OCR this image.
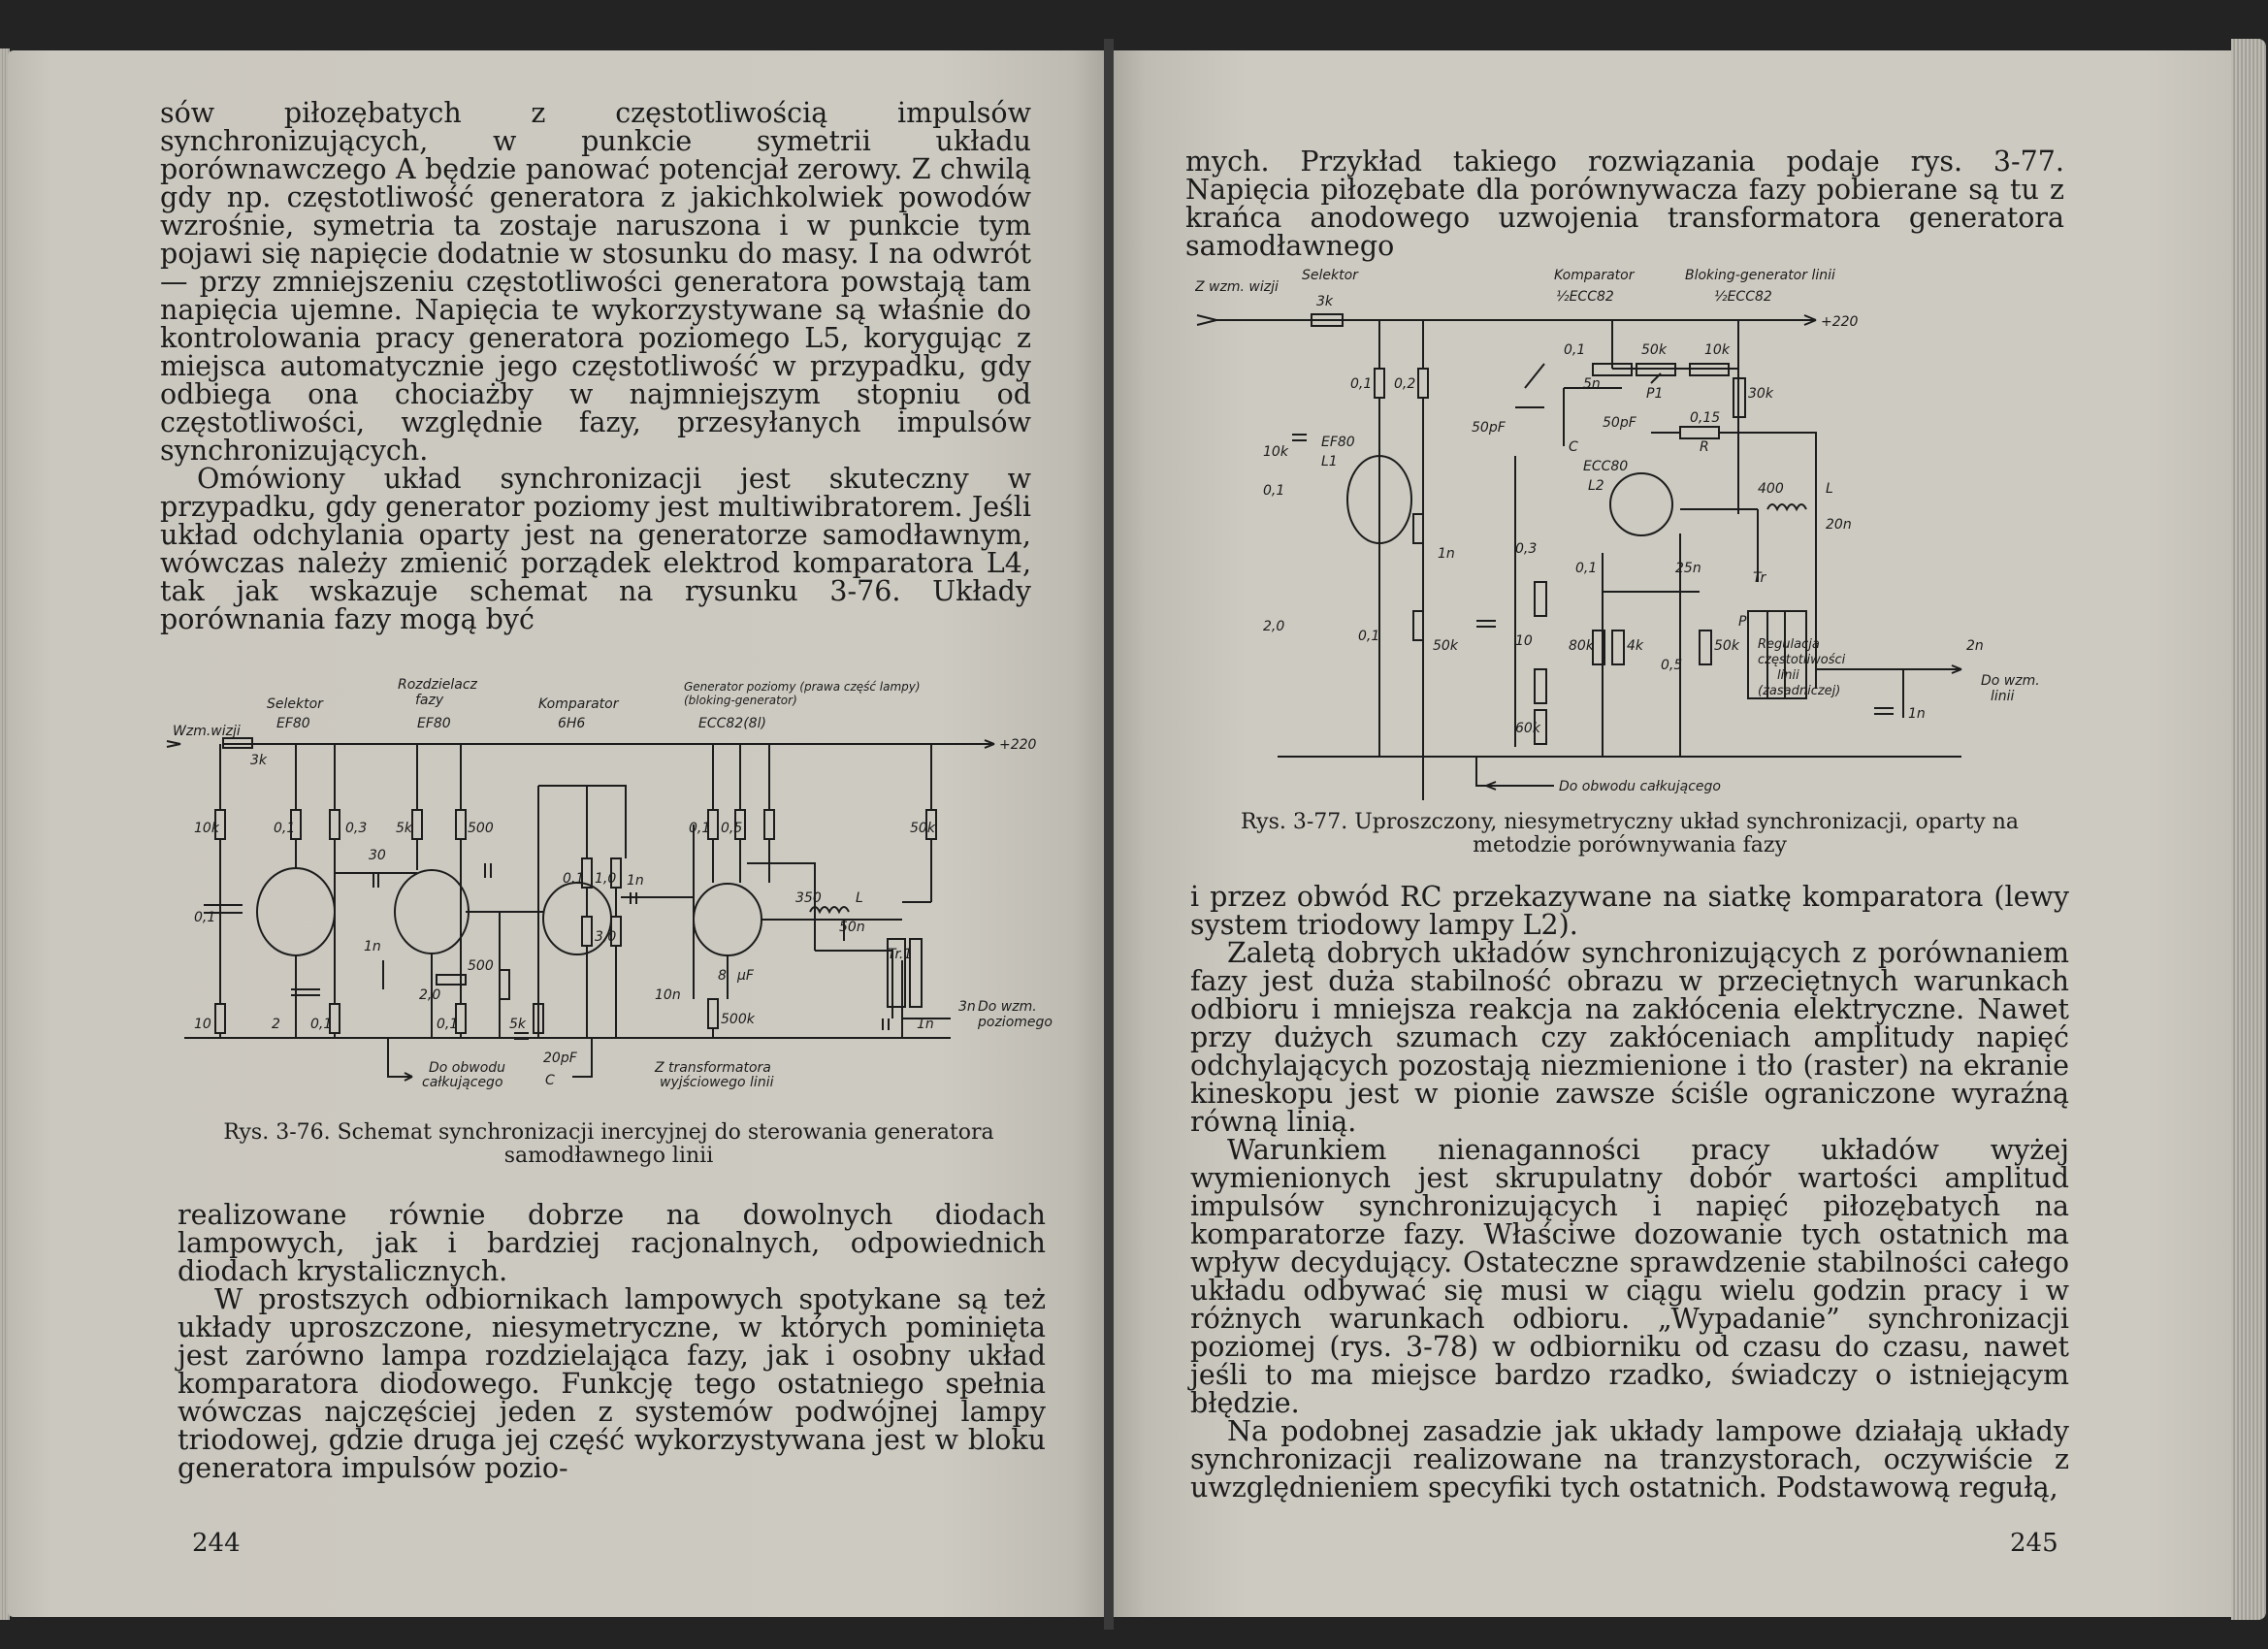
sów piłozębatych z częstotliwością impulsów synchronizujących, w punkcie symetrii układu porównawczego A będzie panować potencjał zerowy. Z chwilą gdy np. częstotliwość generatora z jakichkolwiek powodów wzrośnie, symetria ta zostaje naruszona i w punkcie tym pojawi się napięcie dodatnie w stosunku do masy. I na odwrót — przy zmniejszeniu częstotliwości generatora powstają tam napięcia ujemne. Napięcia te wykorzystywane są właśnie do kontrolowania pracy generatora poziomego L5, korygując z miejsca automatycznie jego częstotliwość w przypadku, gdy odbiega ona chociażby w najmniejszym stopniu od częstotliwości, względnie fazy, przesyłanych impulsów synchronizujących.

Omówiony układ synchronizacji jest skuteczny w przypadku, gdy generator poziomy jest multiwibratorem. Jeśli układ odchylania oparty jest na generatorze samodławnym, wówczas należy zmienić porządek elektrod komparatora L4, tak jak wskazuje schemat na rysunku 3-76. Układy porównania fazy mogą być

Wzm.wizji
Selektor
EF80
Rozdzielacz
fazy
EF80
Komparator
6H6
Generator poziomy (prawa część lampy)
(bloking-generator)
ECC82(8l)
+220
3k
10k	0,1	0,3 5k
30
500
0,1
1n
500
2,0
10	2 0,1	0,1	5k
1,0
0,1	1n
3,0
0,1 0,5	50k
350	L
50n
Tr.1
10n
8 μF
500k
3n
1n
Do wzm.
poziomego
Do obwodu
całkującego
20pF
C
Z transformatora
wyjściowego linii

Rys. 3-76. Schemat synchronizacji inercyjnej do sterowania generatora samodławnego linii

realizowane równie dobrze na dowolnych diodach lampowych, jak i bardziej racjonalnych, odpowiednich diodach krystalicznych.

W prostszych odbiornikach lampowych spotykane są też układy uproszczone, niesymetryczne, w których pominięta jest zarówno lampa rozdzielająca fazy, jak i osobny układ komparatora diodowego. Funkcję tego ostatniego spełnia wówczas najczęściej jeden z systemów podwójnej lampy triodowej, gdzie druga jej część wykorzystywana jest w bloku generatora impulsów pozio-

244

mych. Przykład takiego rozwiązania podaje rys. 3-77. Napięcia piłozębate dla porównywacza fazy pobierane są tu z krańca anodowego uzwojenia transformatora generatora samodławnego

Z wzm. wizji
Selektor
3k
Komparator
½ECC82
Bloking-generator linii
½ECC82
+220
0,1	50k	10k
5n
P1	30k
0,1 0,2
50pF
C
50pF	0,15
R
EF80
L1	ECC80
L2	400	L
20n
10k
0,1
1n	0,3
0,1	25n
Tr
2,0
0,1
50k	10	80k 4k
0,5
50k
P
Regulacja
częstotliwości
linii
(zasadniczej)
2n
Do wzm.
linii
1n
60k
Do obwodu całkującego
Rys. 3-77. Uproszczony, niesymetryczny układ synchronizacji, oparty na
metodzie porównywania fazy

i przez obwód RC przekazywane na siatkę komparatora (lewy system triodowy lampy L2).

Zaletą dobrych układów synchronizujących z porównaniem fazy jest duża stabilność obrazu w przeciętnych warunkach odbioru i mniejsza reakcja na zakłócenia elektryczne. Nawet przy dużych szumach czy zakłóceniach amplitudy napięć odchylających pozostają niezmienione i tło (raster) na ekranie kineskopu jest w pionie zawsze ściśle ograniczone wyraźną równą linią.

Warunkiem nienaganności pracy układów wyżej wymienionych jest skrupulatny dobór wartości amplitud impulsów synchronizujących i napięć piłozębatych na komparatorze fazy. Właściwe dozowanie tych ostatnich ma wpływ decydujący. Ostateczne sprawdzenie stabilności całego układu odbywać się musi w ciągu wielu godzin pracy i w różnych warunkach odbioru. „Wypadanie” synchronizacji poziomej (rys. 3-78) w odbiorniku od czasu do czasu, nawet jeśli to ma miejsce bardzo rzadko, świadczy o istniejącym błędzie.

Na podobnej zasadzie jak układy lampowe działają układy synchronizacji realizowane na tranzystorach, oczywiście z uwzględnieniem specyfiki tych ostatnich. Podstawową regułą,

245
